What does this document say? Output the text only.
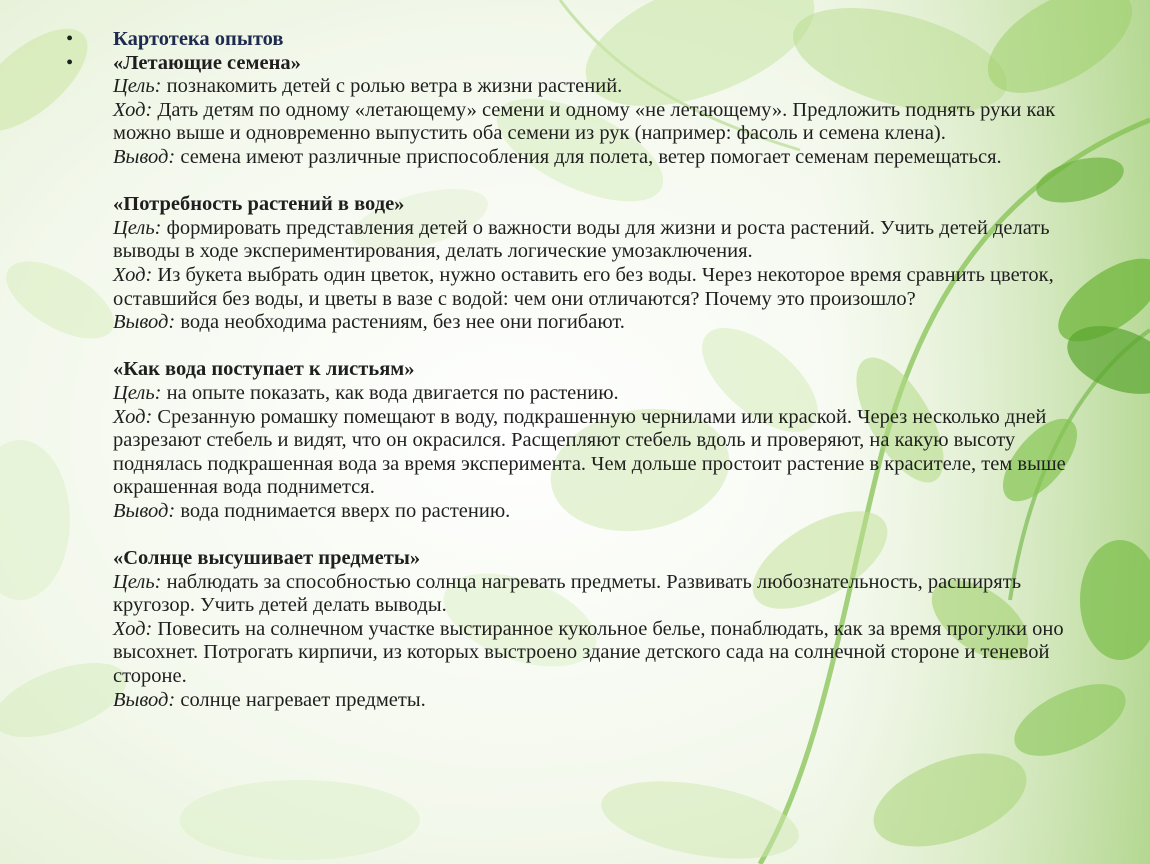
• Картотека опытов
• «Летающие семена»
Цель: познакомить детей с ролью ветра в жизни растений.
Ход: Дать детям по одному «летающему» семени и одному «не летающему». Предложить поднять руки как можно выше и одновременно выпустить оба семени из рук (например: фасоль и семена клена).
Вывод: семена имеют различные приспособления для полета, ветер помогает семенам перемещаться.
«Потребность растений в воде»
Цель: формировать представления детей о важности воды для жизни и роста растений. Учить детей делать выводы в ходе экспериментирования, делать логические умозаключения.
Ход: Из букета выбрать один цветок, нужно оставить его без воды. Через некоторое время сравнить цветок, оставшийся без воды, и цветы в вазе с водой: чем они отличаются? Почему это произошло?
Вывод: вода необходима растениям, без нее они погибают.
«Как вода поступает к листьям»
Цель: на опыте показать, как вода двигается по растению.
Ход: Срезанную ромашку помещают в воду, подкрашенную чернилами или краской. Через несколько дней разрезают стебель и видят, что он окрасился. Расщепляют стебель вдоль и проверяют, на какую высоту поднялась подкрашенная вода за время эксперимента. Чем дольше простоит растение в красителе, тем выше окрашенная вода поднимется.
Вывод: вода поднимается вверх по растению.
«Солнце высушивает предметы»
Цель: наблюдать за способностью солнца нагревать предметы. Развивать любознательность, расширять кругозор. Учить детей делать выводы.
Ход: Повесить на солнечном участке выстиранное кукольное белье, понаблюдать, как за время прогулки оно высохнет. Потрогать кирпичи, из которых выстроено здание детского сада на солнечной стороне и теневой стороне.
Вывод: солнце нагревает предметы.
